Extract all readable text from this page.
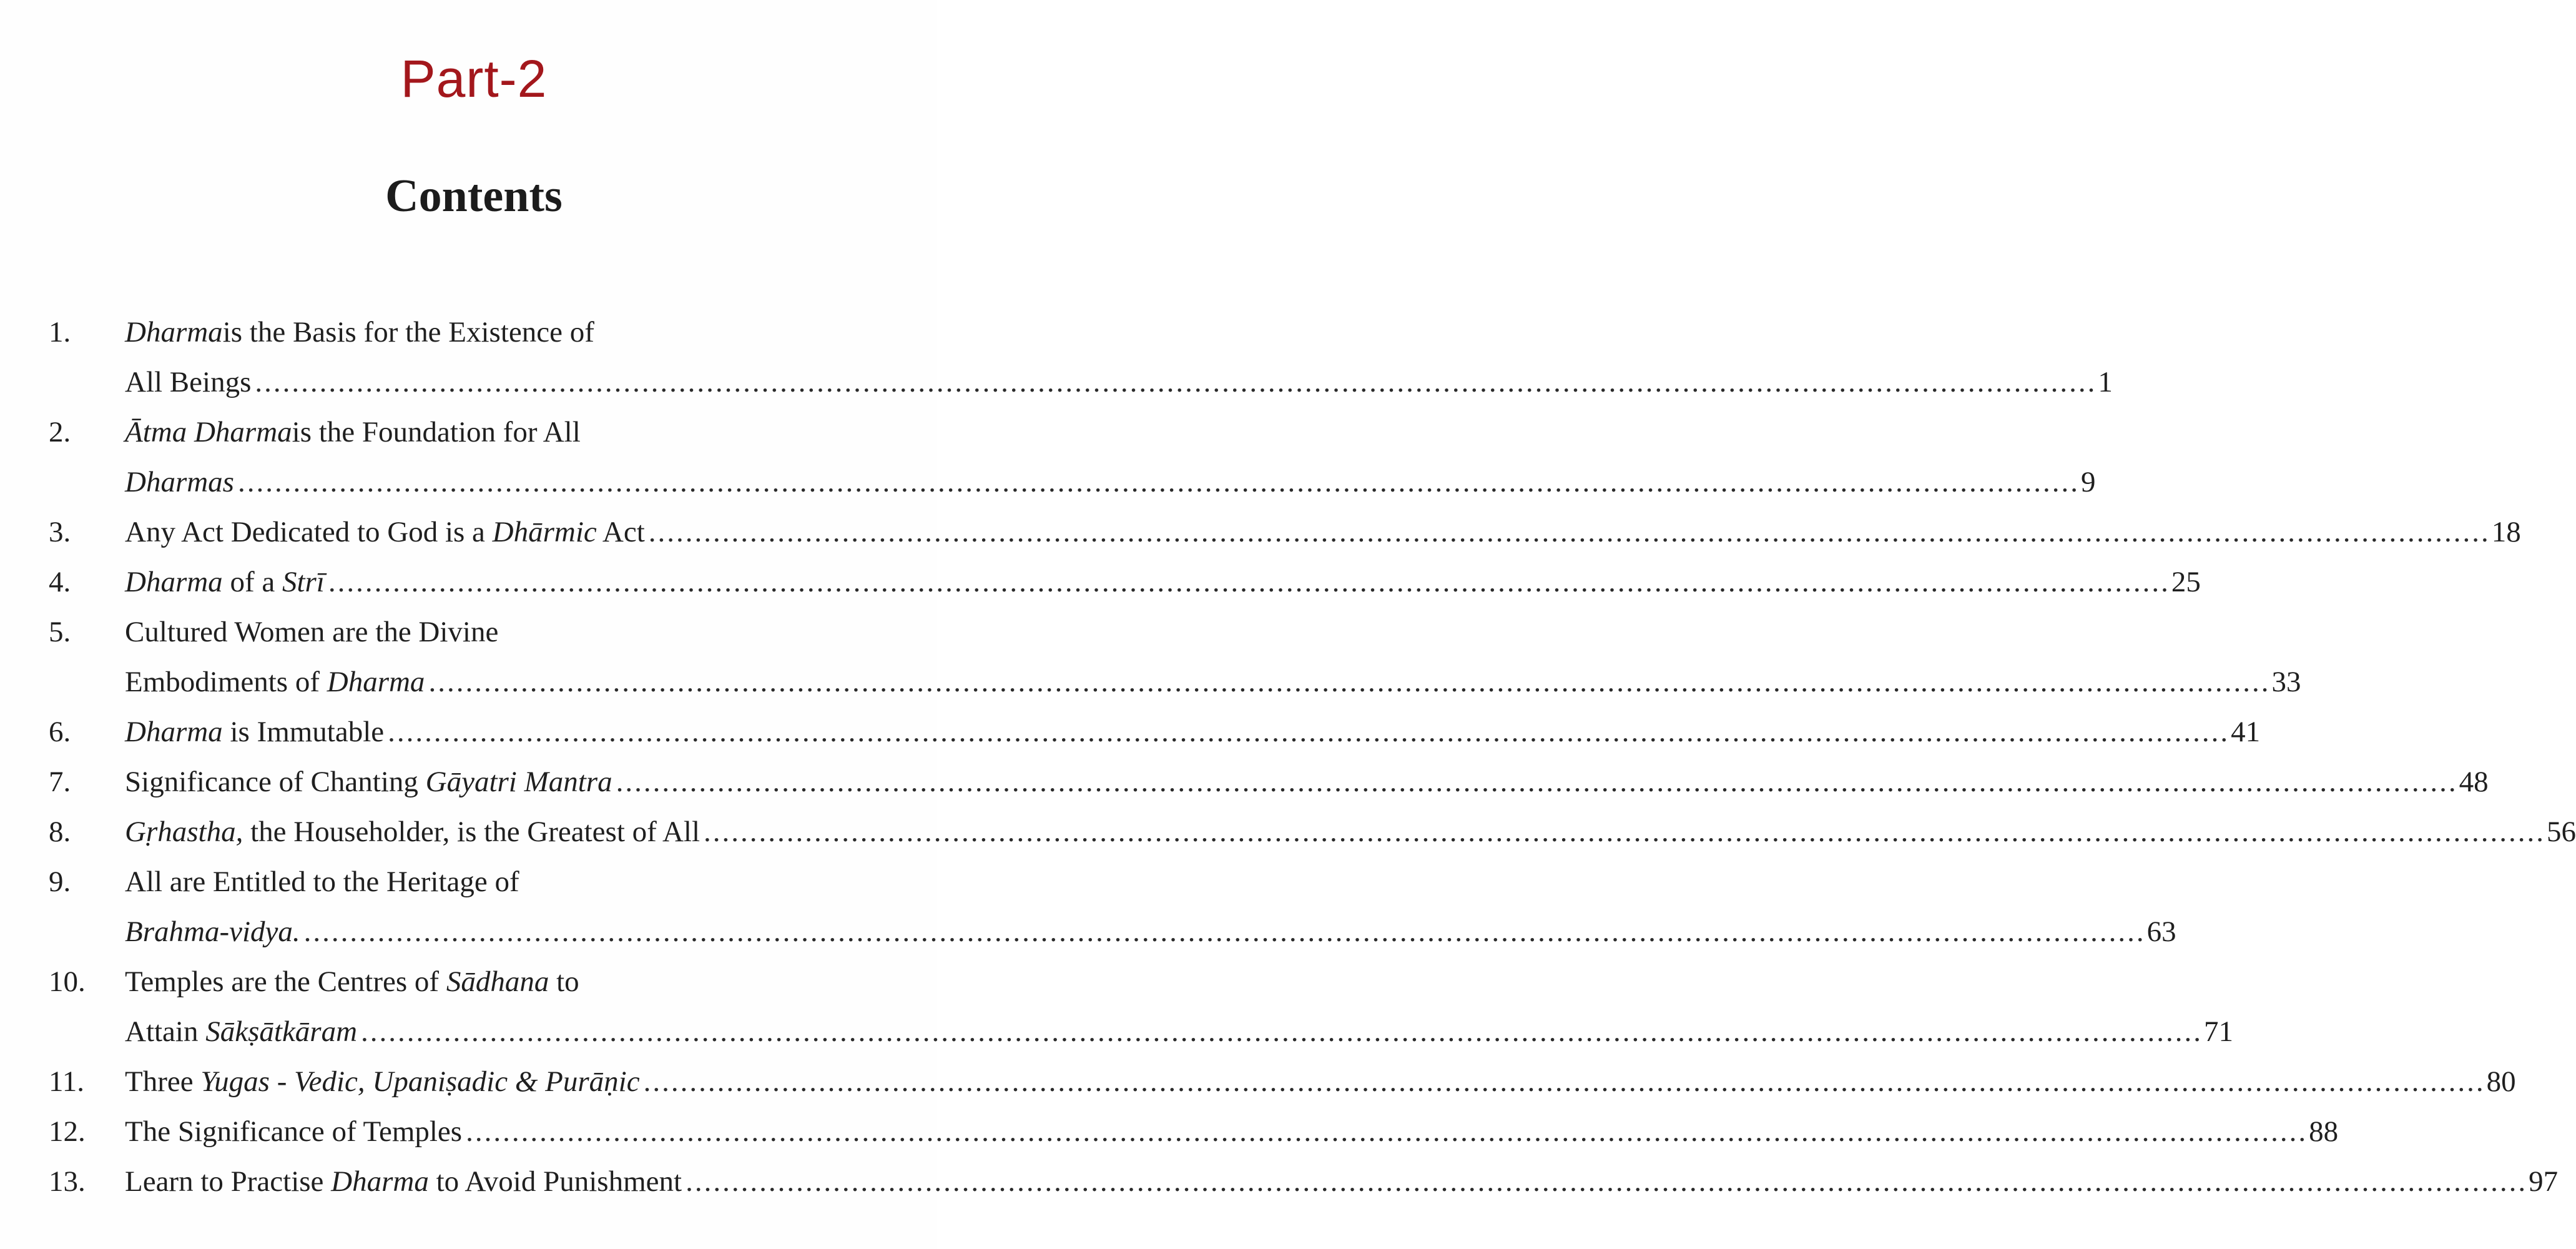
Part-2
Contents
1.	Dharmais the Basis for the Existence of
All Beings ........................................................................................................................................................................................................ 1
2.	Ātma Dharmais the Foundation for All
Dharmas ........................................................................................................................................................................................................ 9
3.	Any Act Dedicated to God is a Dhārmic Act ........................................................................................................................................................................................................ 18
4.	Dharma of a Strī ........................................................................................................................................................................................................ 25
5.	Cultured Women are the Divine
Embodiments of Dharma ........................................................................................................................................................................................................ 33
6.	Dharma is Immutable ........................................................................................................................................................................................................ 41
7.	Significance of Chanting Gāyatri Mantra ........................................................................................................................................................................................................ 48
8.	Gṛhastha, the Householder, is the Greatest of All ........................................................................................................................................................................................................ 56
9.	All are Entitled to the Heritage of
Brahma-vidya. ........................................................................................................................................................................................................ 63
10.	Temples are the Centres of Sādhana to
Attain Sākṣātkāram ........................................................................................................................................................................................................ 71
11.	Three Yugas - Vedic, Upaniṣadic & Purāṇic ........................................................................................................................................................................................................ 80
12.	The Significance of Temples ........................................................................................................................................................................................................ 88
13.	Learn to Practise Dharma to Avoid Punishment ........................................................................................................................................................................................................ 97
